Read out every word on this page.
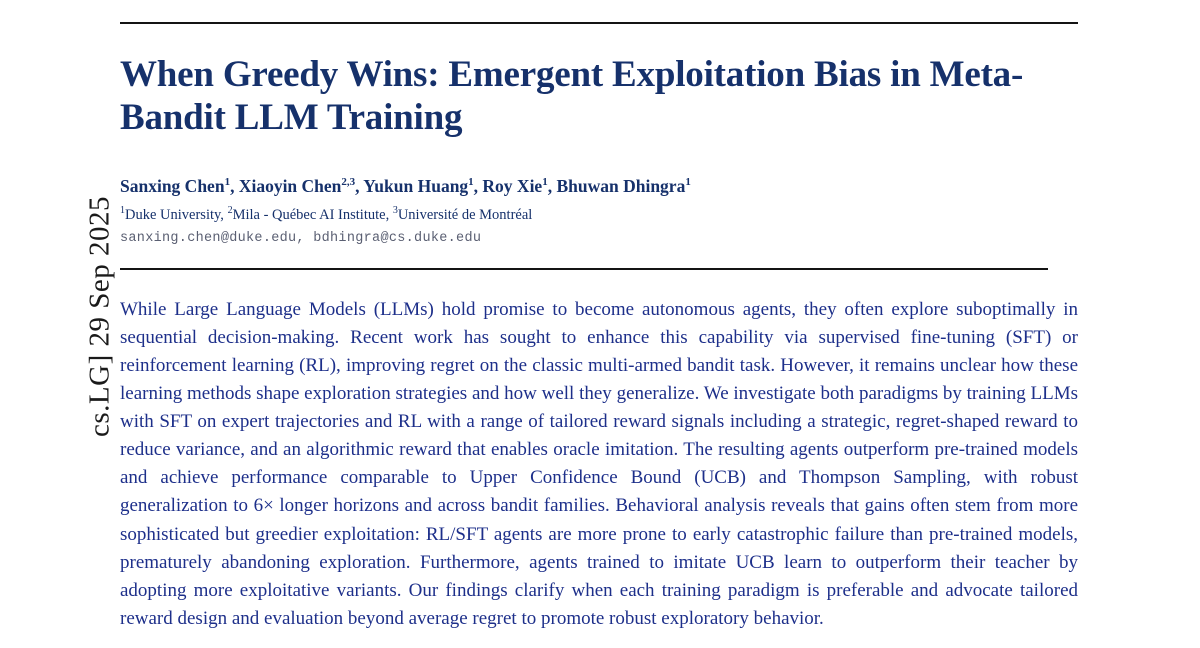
cs.LG] 29 Sep 2025
When Greedy Wins: Emergent Exploitation Bias in Meta-Bandit LLM Training
Sanxing Chen$^1$, Xiaoyin Chen$^{2,3}$, Yukun Huang$^1$, Roy Xie$^1$, Bhuwan Dhingra$^1$
$^1$Duke University, $^2$Mila - Québec AI Institute, $^3$Université de Montréal
sanxing.chen@duke.edu, bdhingra@cs.duke.edu

While Large Language Models (LLMs) hold promise to become autonomous agents, they often explore suboptimally in sequential decision-making. Recent work has sought to enhance this capability via supervised fine-tuning (SFT) or reinforcement learning (RL), improving regret on the classic multi-armed bandit task. However, it remains unclear how these learning methods shape exploration strategies and how well they generalize. We investigate both paradigms by training LLMs with SFT on expert trajectories and RL with a range of tailored reward signals including a strategic, regret-shaped reward to reduce variance, and an algorithmic reward that enables oracle imitation. The resulting agents outperform pre-trained models and achieve performance comparable to Upper Confidence Bound (UCB) and Thompson Sampling, with robust generalization to 6× longer horizons and across bandit families. Behavioral analysis reveals that gains often stem from more sophisticated but greedier exploitation: RL/SFT agents are more prone to early catastrophic failure than pre-trained models, prematurely abandoning exploration. Furthermore, agents trained to imitate UCB learn to outperform their teacher by adopting more exploitative variants. Our findings clarify when each training paradigm is preferable and advocate tailored reward design and evaluation beyond average regret to promote robust exploratory behavior.
